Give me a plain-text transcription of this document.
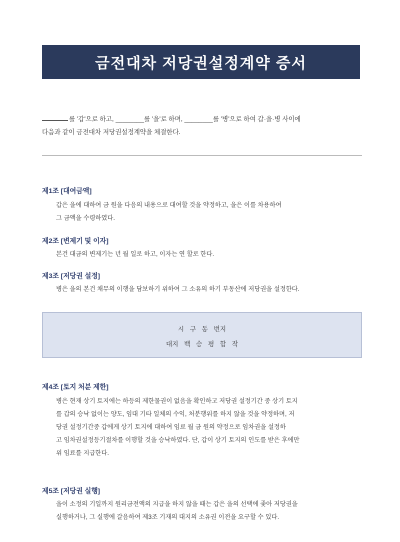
금전대차 저당권설정계약 증서
를 '갑'으로 하고, ________를 '을'로 하며, ________를 '병'으로 하여 갑·을·병 사이에
다음과 같이 금전대차 저당권설정계약을 체결한다.
제1조 [대여금액]
갑은 을에 대하여 금 원을 다음의 내용으로 대여할 것을 약정하고, 을은 이를 차용하여
그 금액을 수령하였다.
제2조 [변제기 및 이자]
본건 대금의 변제기는 년 월 일로 하고, 이자는 연 할로 한다.
제3조 [저당권 설정]
병은 을의 본건 채무의 이행을 담보하기 위하여 그 소유의 하기 부동산에 저당권을 설정한다.
시 구 동 번지
대지 백 승 평 합 작
제4조 [토지 처분 제한]
병은 현재 상기 토지에는 하등의 제한물권이 없음을 확인하고 저당권 설정기간 중 상기 토지
를 갑의 승낙 없이는 양도, 임대 기타 일체의 수익, 처분행위를 하지 않을 것을 약정하며, 저
당권 설정기간중 갑에게 상기 토지에 대하여 임료 월 금 원의 약정으로 임차권을 설정하
고 임차권설정등기절차를 이행할 것을 승낙하였다. 단, 갑이 상기 토지의 인도를 받은 후에만
위 임료를 지급한다.
제5조 [저당권 실행]
을이 소정의 기일까지 원리금전액의 지급을 하지 않을 때는 갑은 을의 선택에 좇아 저당권을
실행하거나, 그 실행에 갈음하여 제3조 기재의 대지의 소유권 이전을 요구할 수 있다.
